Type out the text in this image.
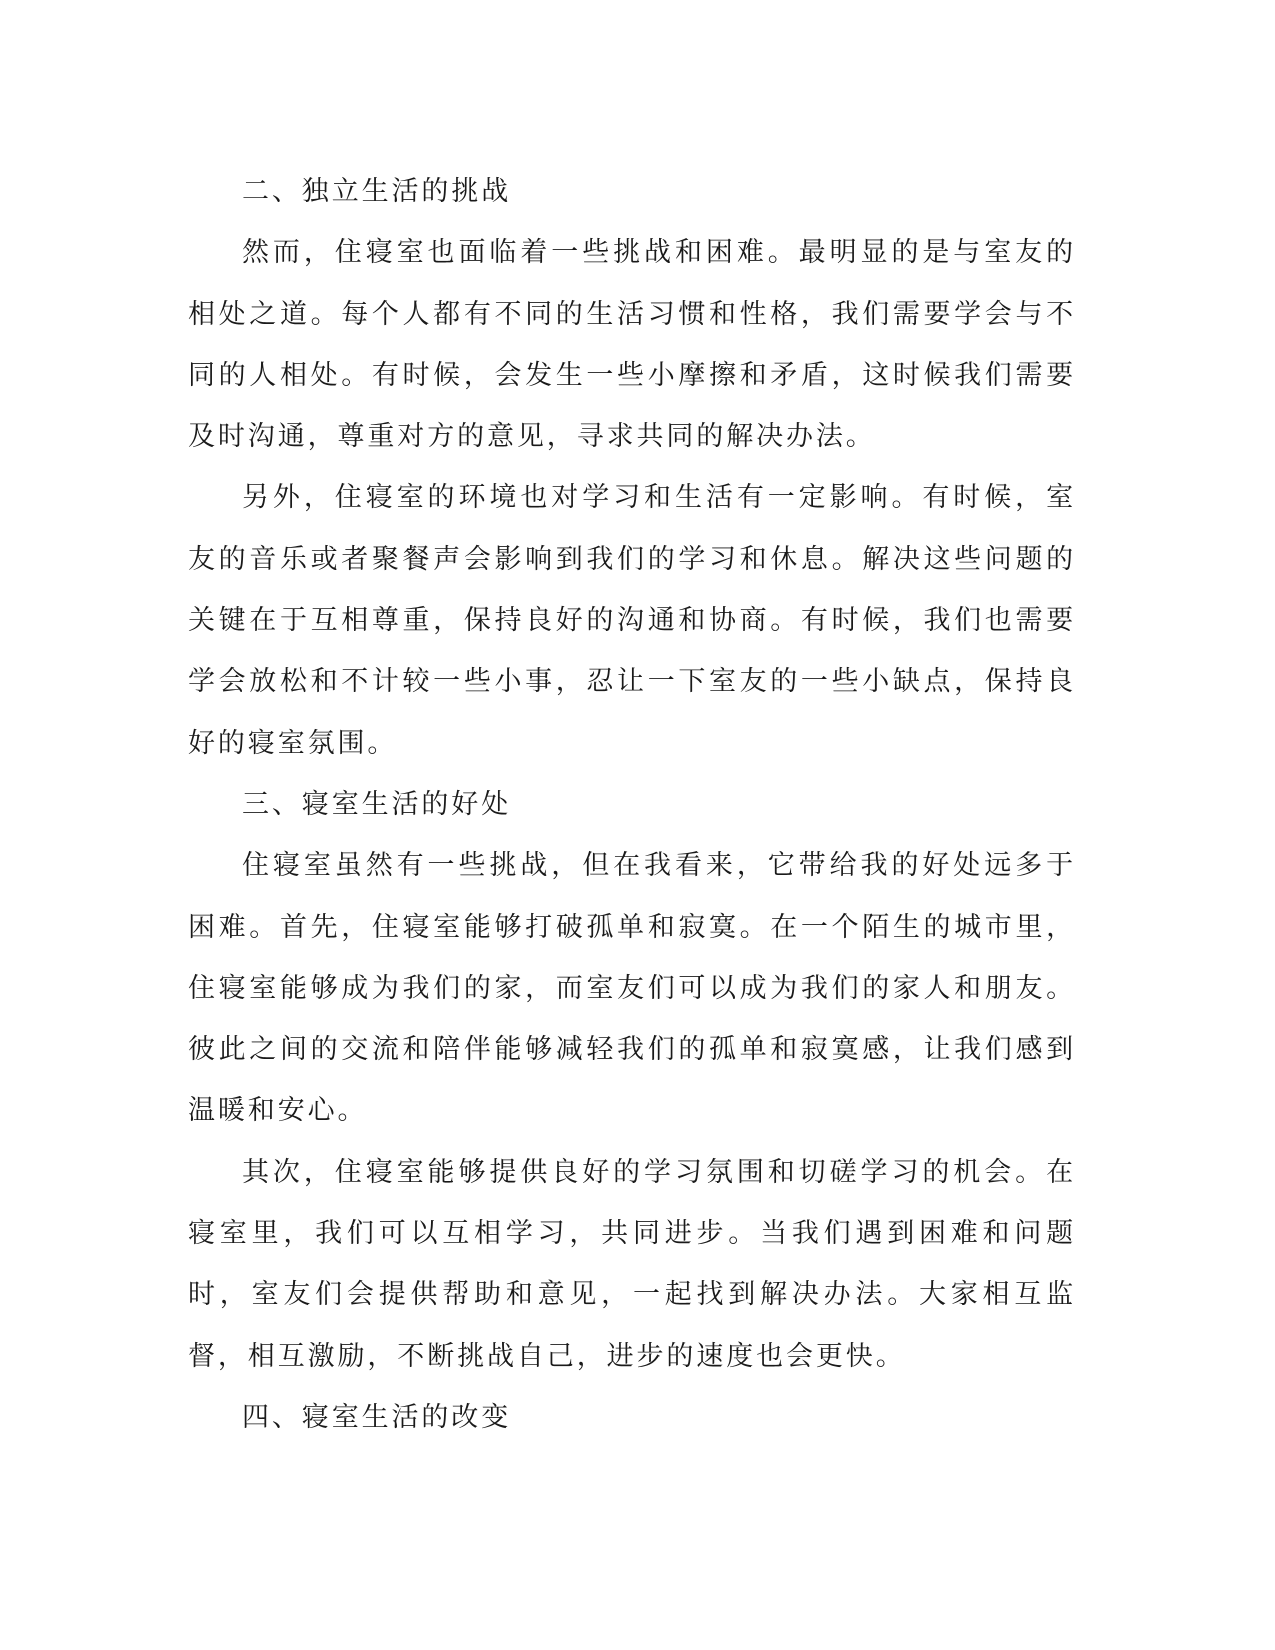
二、独立生活的挑战

然而，住寝室也面临着一些挑战和困难。最明显的是与室友的相处之道。每个人都有不同的生活习惯和性格，我们需要学会与不同的人相处。有时候，会发生一些小摩擦和矛盾，这时候我们需要及时沟通，尊重对方的意见，寻求共同的解决办法。

另外，住寝室的环境也对学习和生活有一定影响。有时候，室友的音乐或者聚餐声会影响到我们的学习和休息。解决这些问题的关键在于互相尊重，保持良好的沟通和协商。有时候，我们也需要学会放松和不计较一些小事，忍让一下室友的一些小缺点，保持良好的寝室氛围。

三、寝室生活的好处

住寝室虽然有一些挑战，但在我看来，它带给我的好处远多于困难。首先，住寝室能够打破孤单和寂寞。在一个陌生的城市里，住寝室能够成为我们的家，而室友们可以成为我们的家人和朋友。彼此之间的交流和陪伴能够减轻我们的孤单和寂寞感，让我们感到温暖和安心。

其次，住寝室能够提供良好的学习氛围和切磋学习的机会。在寝室里，我们可以互相学习，共同进步。当我们遇到困难和问题时，室友们会提供帮助和意见，一起找到解决办法。大家相互监督，相互激励，不断挑战自己，进步的速度也会更快。

四、寝室生活的改变
